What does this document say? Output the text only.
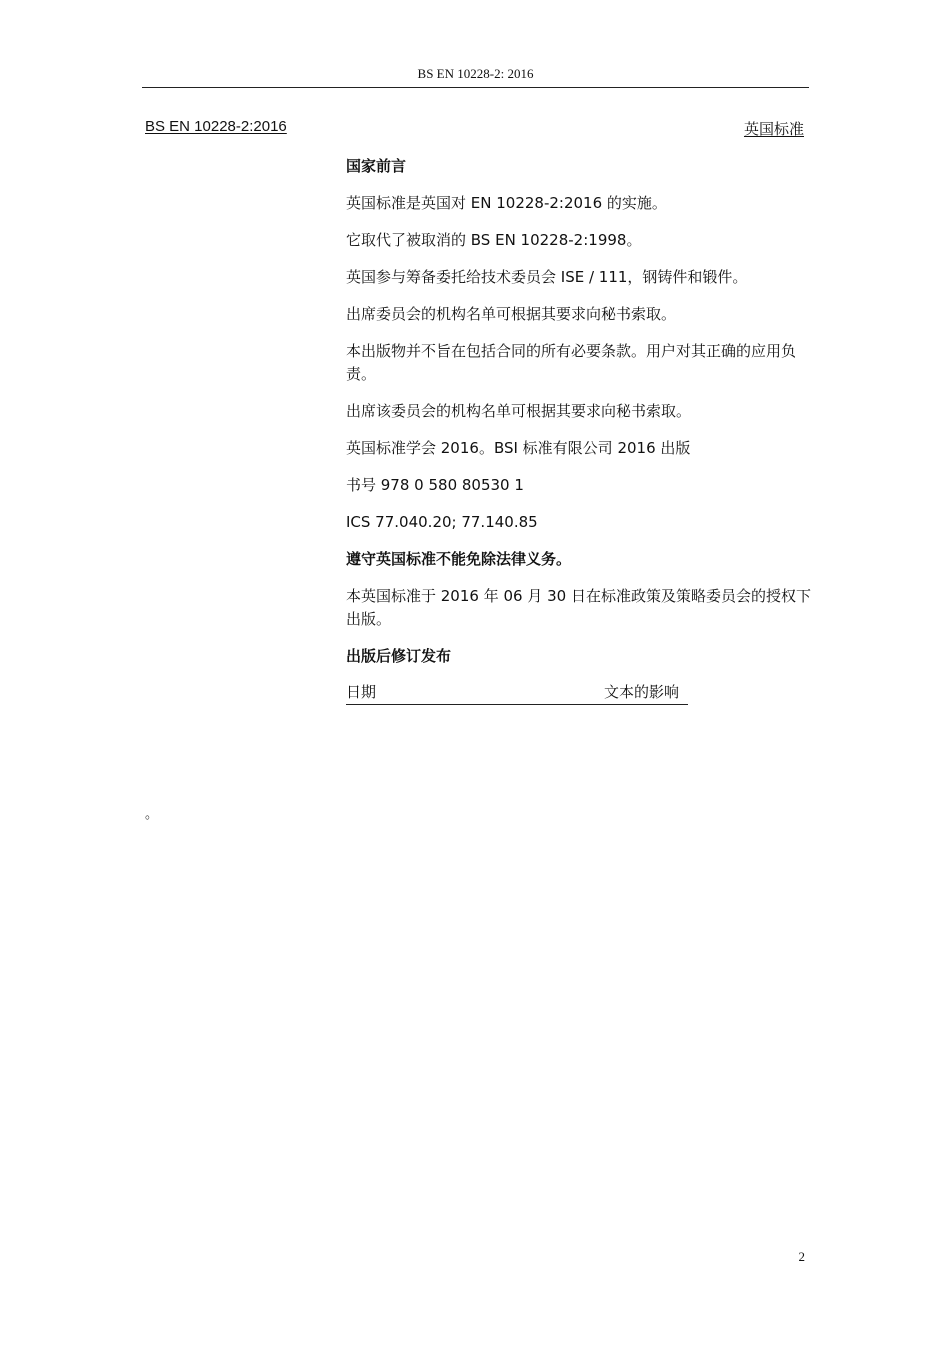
BS EN 10228-2: 2016
BS EN 10228-2:2016	英国标准

国家前言

英国标准是英国对 EN 10228-2:2016 的实施。

它取代了被取消的 BS EN 10228-2:1998。

英国参与筹备委托给技术委员会 ISE / 111，钢铸件和锻件。

出席委员会的机构名单可根据其要求向秘书索取。

本出版物并不旨在包括合同的所有必要条款。用户对其正确的应用负责。

出席该委员会的机构名单可根据其要求向秘书索取。

英国标准学会 2016。BSI 标准有限公司 2016 出版

书号 978 0 580 80530 1

ICS 77.040.20; 77.140.85

遵守英国标准不能免除法律义务。

本英国标准于 2016 年 06 月 30 日在标准政策及策略委员会的授权下出版。

出版后修订发布

日期	文本的影响
。
2
